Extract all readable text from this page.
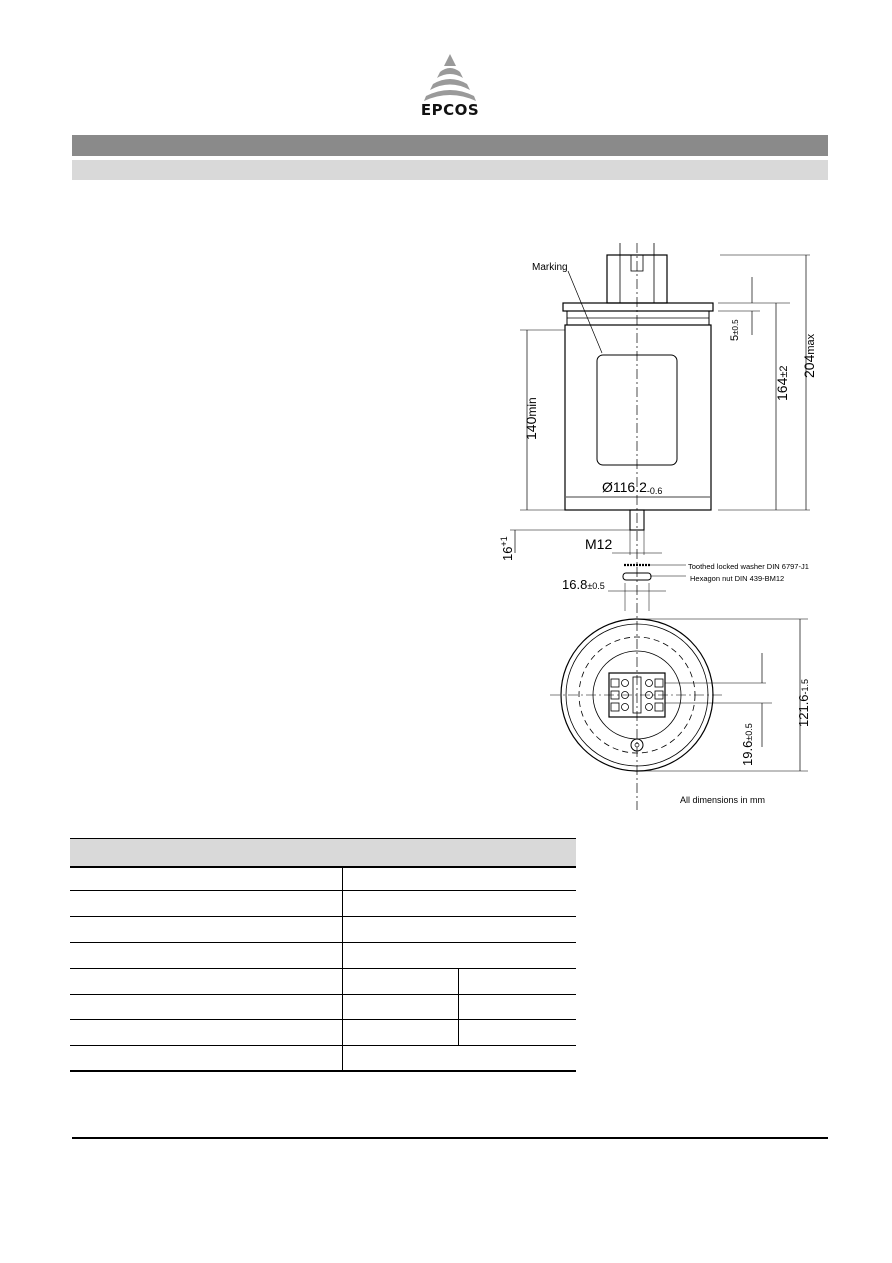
EPCOS
Marking
5±0.5
164±2 204max
140min
Ø116.2-0.6
$16^{+1}$	M12
Toothed locked washer DIN 6797-J1
Hexagon nut DIN 439-BM12
16.8±0.5
121.6-1.5
19.6±0.5
All dimensions in mm
